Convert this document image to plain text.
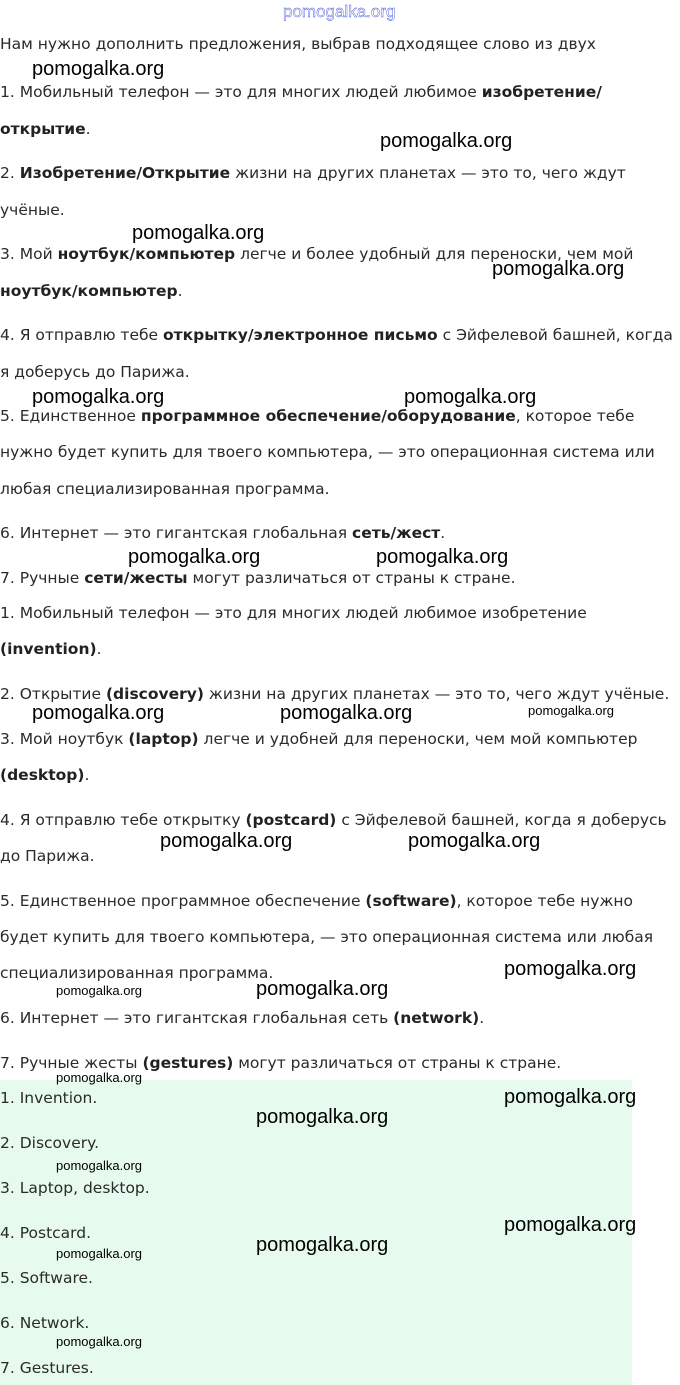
pomogalka.org
Нам нужно дополнить предложения, выбрав подходящее слово из двух
1. Мобильный телефон — это для многих людей любимое изобретение/
открытие.
2. Изобретение/Открытие жизни на других планетах — это то, чего ждут
учёные.
3. Мой ноутбук/компьютер легче и более удобный для переноски, чем мой
ноутбук/компьютер.
4. Я отправлю тебе открытку/электронное письмо с Эйфелевой башней, когда
я доберусь до Парижа.
5. Единственное программное обеспечение/оборудование, которое тебе
нужно будет купить для твоего компьютера, — это операционная система или
любая специализированная программа.
6. Интернет — это гигантская глобальная сеть/жест.
7. Ручные сети/жесты могут различаться от страны к стране.
1. Мобильный телефон — это для многих людей любимое изобретение
(invention).
2. Открытие (discovery) жизни на других планетах — это то, чего ждут учёные.
3. Мой ноутбук (laptop) легче и удобней для переноски, чем мой компьютер
(desktop).
4. Я отправлю тебе открытку (postcard) с Эйфелевой башней, когда я доберусь
до Парижа.
5. Единственное программное обеспечение (software), которое тебе нужно
будет купить для твоего компьютера, — это операционная система или любая
специализированная программа.
6. Интернет — это гигантская глобальная сеть (network).
7. Ручные жесты (gestures) могут различаться от страны к стране.
1. Invention.
2. Discovery.
3. Laptop, desktop.
4. Postcard.
5. Software.
6. Network.
7. Gestures.
pomogalka.org
pomogalka.org
pomogalka.org
pomogalka.org
pomogalka.org	pomogalka.org
pomogalka.org	pomogalka.org
pomogalka.org	pomogalka.org	pomogalka.org
pomogalka.org	pomogalka.org
pomogalka.org
pomogalka.org	pomogalka.org
pomogalka.org
pomogalka.org
pomogalka.org
pomogalka.org
pomogalka.org
pomogalka.org
pomogalka.org
pomogalka.org
